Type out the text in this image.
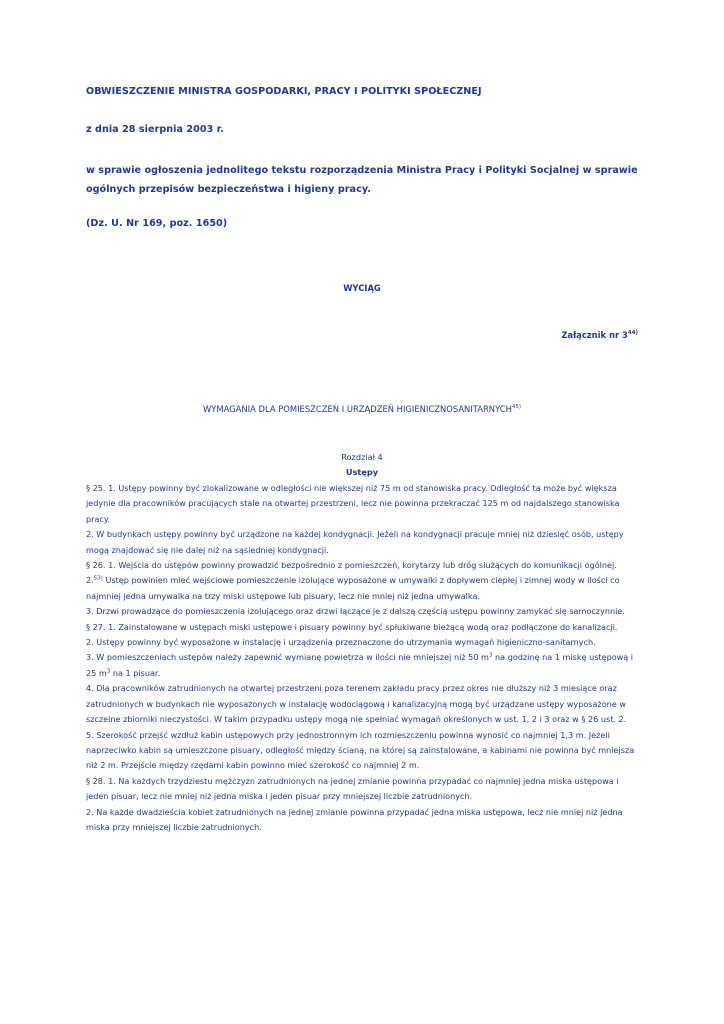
OBWIESZCZENIE MINISTRA GOSPODARKI, PRACY I POLITYKI SPOŁECZNEJ
z dnia 28 sierpnia 2003 r.
w sprawie ogłoszenia jednolitego tekstu rozporządzenia Ministra Pracy i Polityki Socjalnej w sprawie ogólnych przepisów bezpieczeństwa i higieny pracy.
(Dz. U. Nr 169, poz. 1650)
WYCIĄG
Załącznik nr 3$^{44)}$
WYMAGANIA DLA POMIESZCZEŃ I URZĄDZEŃ HIGIENICZNOSANITARNYCH$^{45)}$
Rozdział 4
Ustępy

§ 25. 1. Ustępy powinny być zlokalizowane w odległości nie większej niż 75 m od stanowiska pracy. Odległość ta może być większa jedynie dla pracowników pracujących stale na otwartej przestrzeni, lecz nie powinna przekraczać 125 m od najdalszego stanowiska pracy.

2. W budynkach ustępy powinny być urządzone na każdej kondygnacji. Jeżeli na kondygnacji pracuje mniej niż dziesięć osób, ustępy mogą znajdować się nie dalej niż na sąsiedniej kondygnacji.

§ 26. 1. Wejścia do ustępów powinny prowadzić bezpośrednio z pomieszczeń, korytarzy lub dróg służących do komunikacji ogólnej.

2.$^{53)}$ Ustęp powinien mieć wejściowe pomieszczenie izolujące wyposażone w umywalki z dopływem ciepłej i zimnej wody w ilości co najmniej jedna umywalka na trzy miski ustępowe lub pisuary, lecz nie mniej niż jedna umywalka.

3. Drzwi prowadzące do pomieszczenia izolującego oraz drzwi łączące je z dalszą częścią ustępu powinny zamykać się samoczynnie.

§ 27. 1. Zainstalowane w ustępach miski ustępowe i pisuary powinny być spłukiwane bieżącą wodą oraz podłączone do kanalizacji.

2. Ustępy powinny być wyposażone w instalację i urządzenia przeznaczone do utrzymania wymagań higieniczno-sanitarnych.

3. W pomieszczeniach ustępów należy zapewnić wymianę powietrza w ilości nie mniejszej niż 50 $m^3$ na godzinę na 1 miskę ustępową i 25 $m^3$ na 1 pisuar.

4. Dla pracowników zatrudnionych na otwartej przestrzeni poza terenem zakładu pracy przez okres nie dłuższy niż 3 miesiące oraz zatrudnionych w budynkach nie wyposażonych w instalację wodociągową i kanalizacyjną mogą być urządzane ustępy wyposażone w szczelne zbiorniki nieczystości. W takim przypadku ustępy mogą nie spełniać wymagań określonych w ust. 1, 2 i 3 oraz w § 26 ust. 2.

5. Szerokość przejść wzdłuż kabin ustępowych przy jednostronnym ich rozmieszczeniu powinna wynosić co najmniej 1,3 m. Jeżeli naprzeciwko kabin są umieszczone pisuary, odległość między ścianą, na której są zainstalowane, a kabinami nie powinna być mniejsza niż 2 m. Przejście między rzędami kabin powinno mieć szerokość co najmniej 2 m.

§ 28. 1. Na każdych trzydziestu mężczyzn zatrudnionych na jednej zmianie powinna przypadać co najmniej jedna miska ustępowa i jeden pisuar, lecz nie mniej niż jedna miska i jeden pisuar przy mniejszej liczbie zatrudnionych.

2. Na każde dwadzieścia kobiet zatrudnionych na jednej zmianie powinna przypadać jedna miska ustępowa, lecz nie mniej niż jedna miska przy mniejszej liczbie zatrudnionych.
